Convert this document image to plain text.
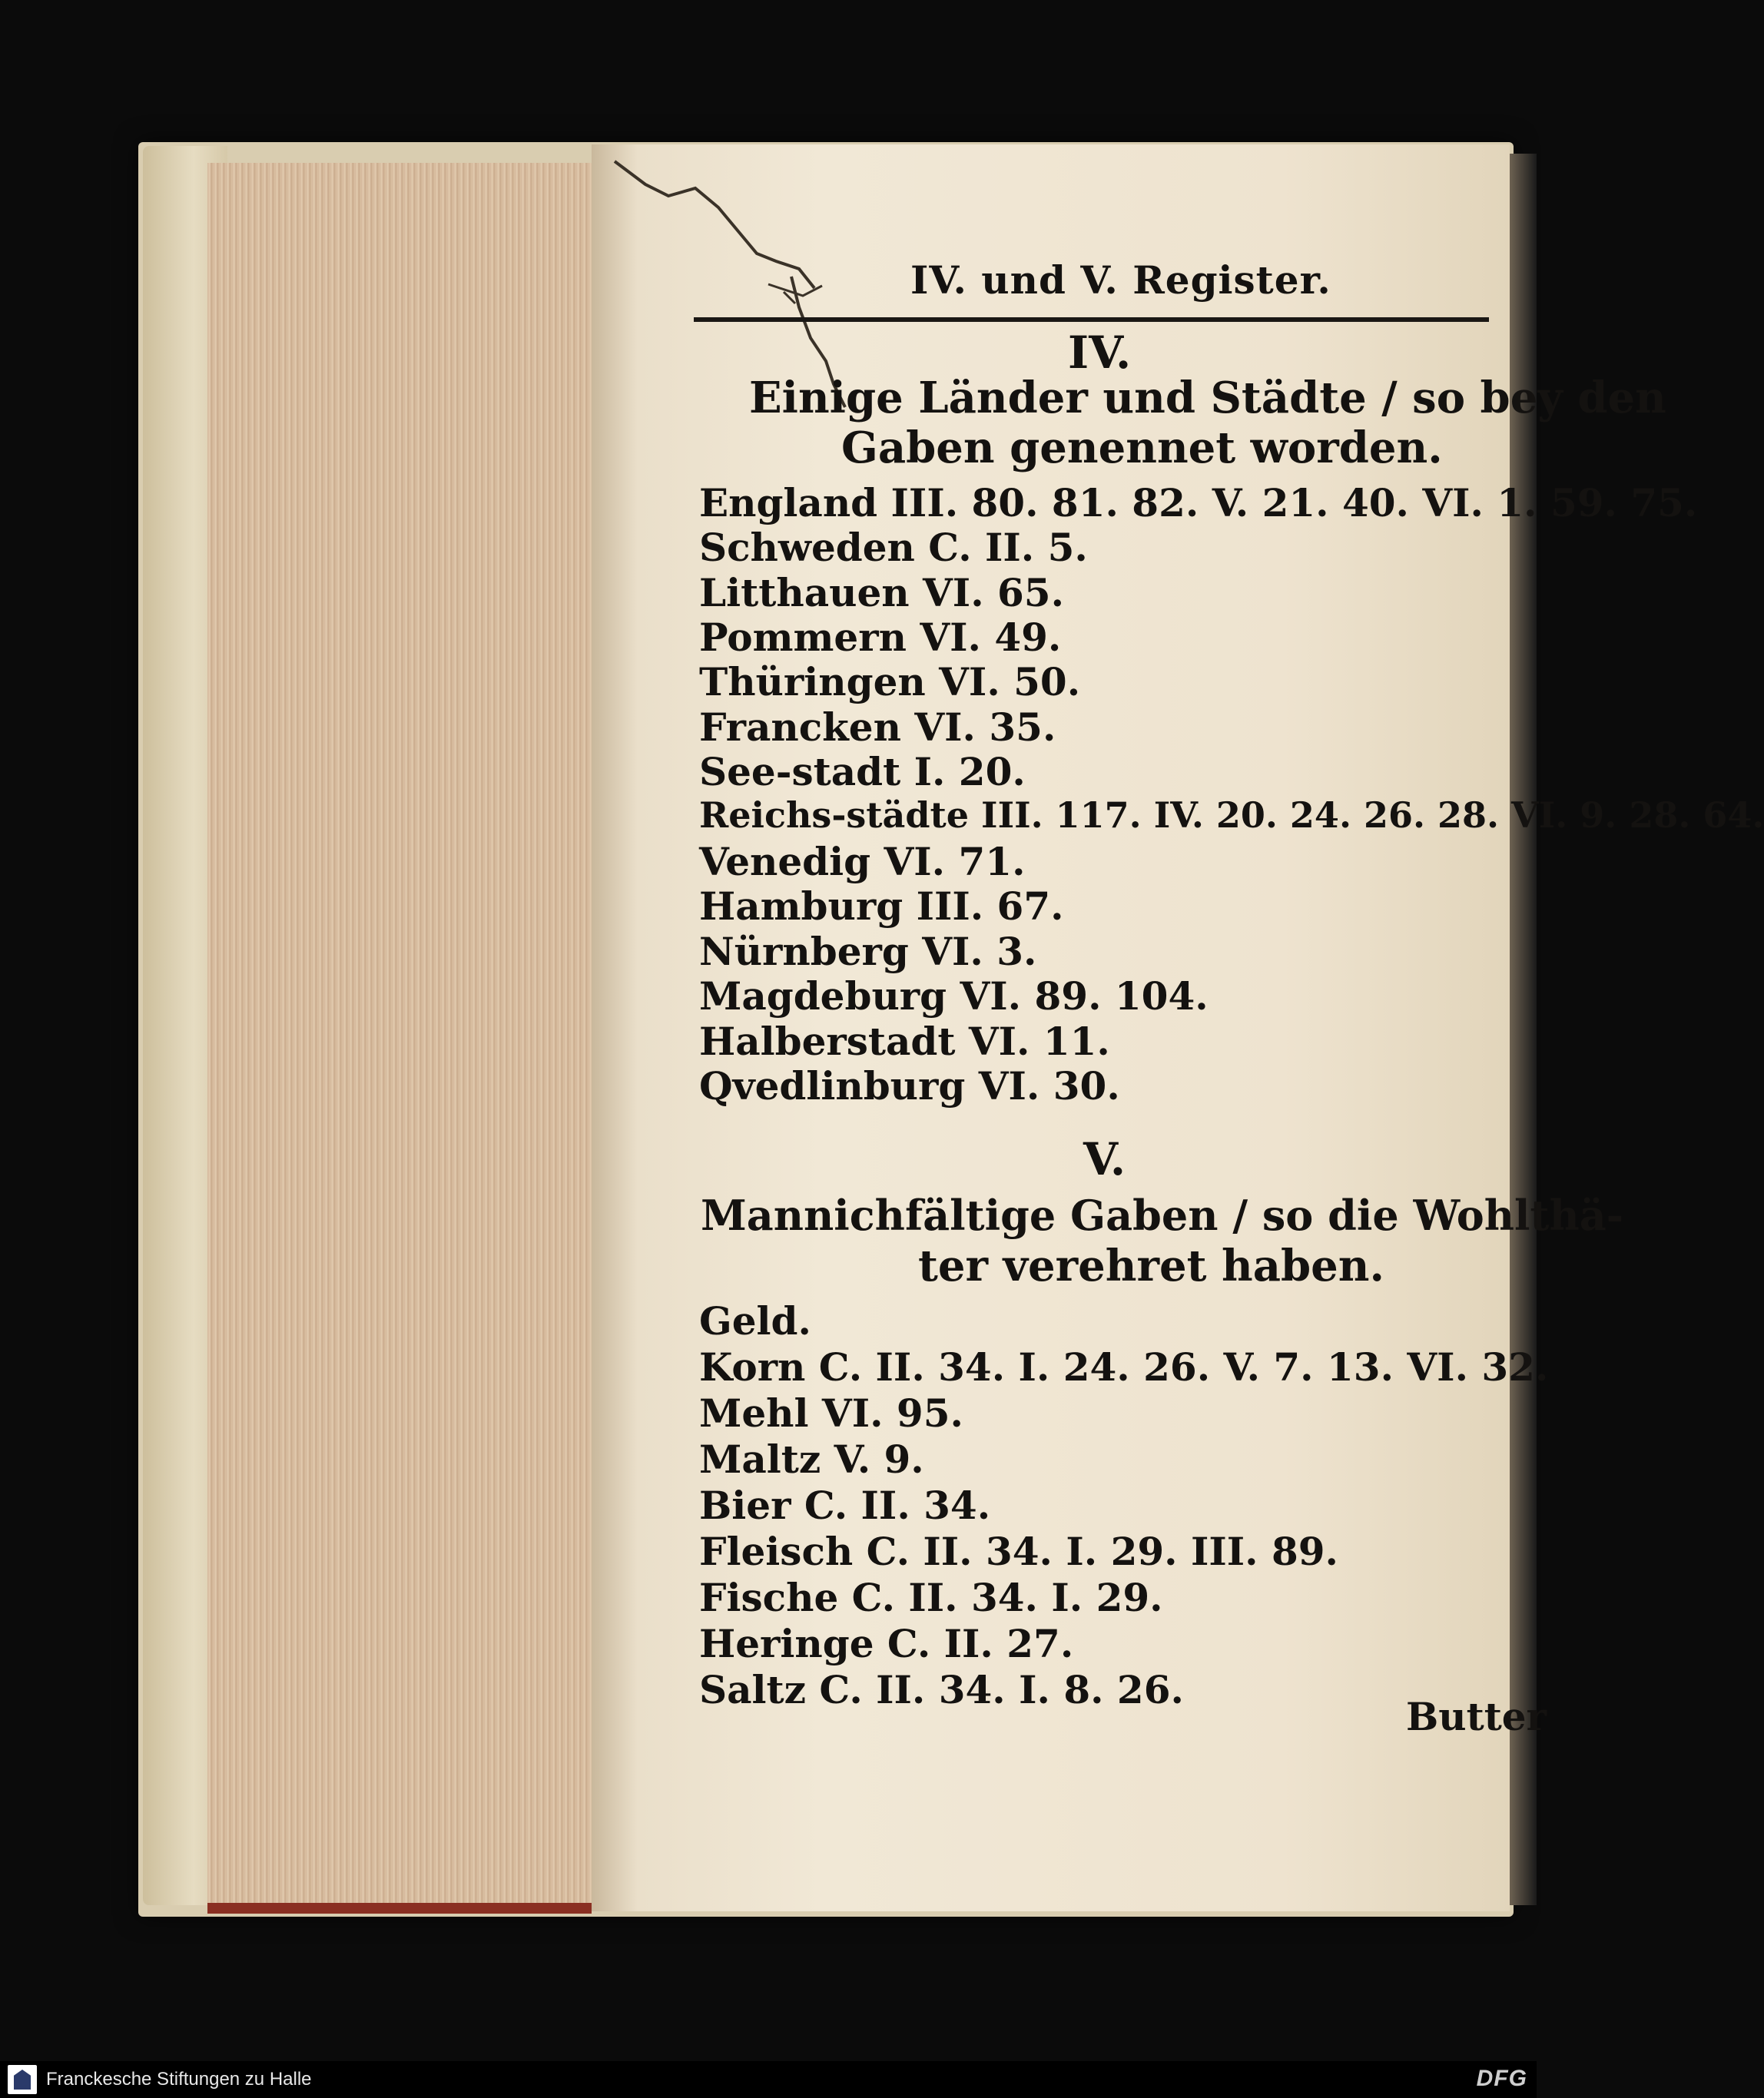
IV. und V. Register.
IV.
Einige Länder und Städte / so bey den
Gaben genennet worden.
England III. 80. 81. 82. V. 21. 40. VI. 1. 59. 75.
Schweden C. II. 5.
Litthauen VI. 65.
Pommern VI. 49.
Thüringen VI. 50.
Francken VI. 35.
See-stadt I. 20.
Reichs-städte III. 117. IV. 20. 24. 26. 28. VI. 9. 28. 64.
Venedig VI. 71.
Hamburg III. 67.
Nürnberg VI. 3.
Magdeburg VI. 89. 104.
Halberstadt VI. 11.
Qvedlinburg VI. 30.
V.
Mannichfältige Gaben / so die Wohlthä-
ter verehret haben.
Geld.
Korn C. II. 34. I. 24. 26. V. 7. 13. VI. 32.
Mehl VI. 95.
Maltz V. 9.
Bier C. II. 34.
Fleisch C. II. 34. I. 29. III. 89.
Fische C. II. 34. I. 29.
Heringe C. II. 27.
Saltz C. II. 34. I. 8. 26.
Butter
Franckesche Stiftungen zu Halle	DFG
